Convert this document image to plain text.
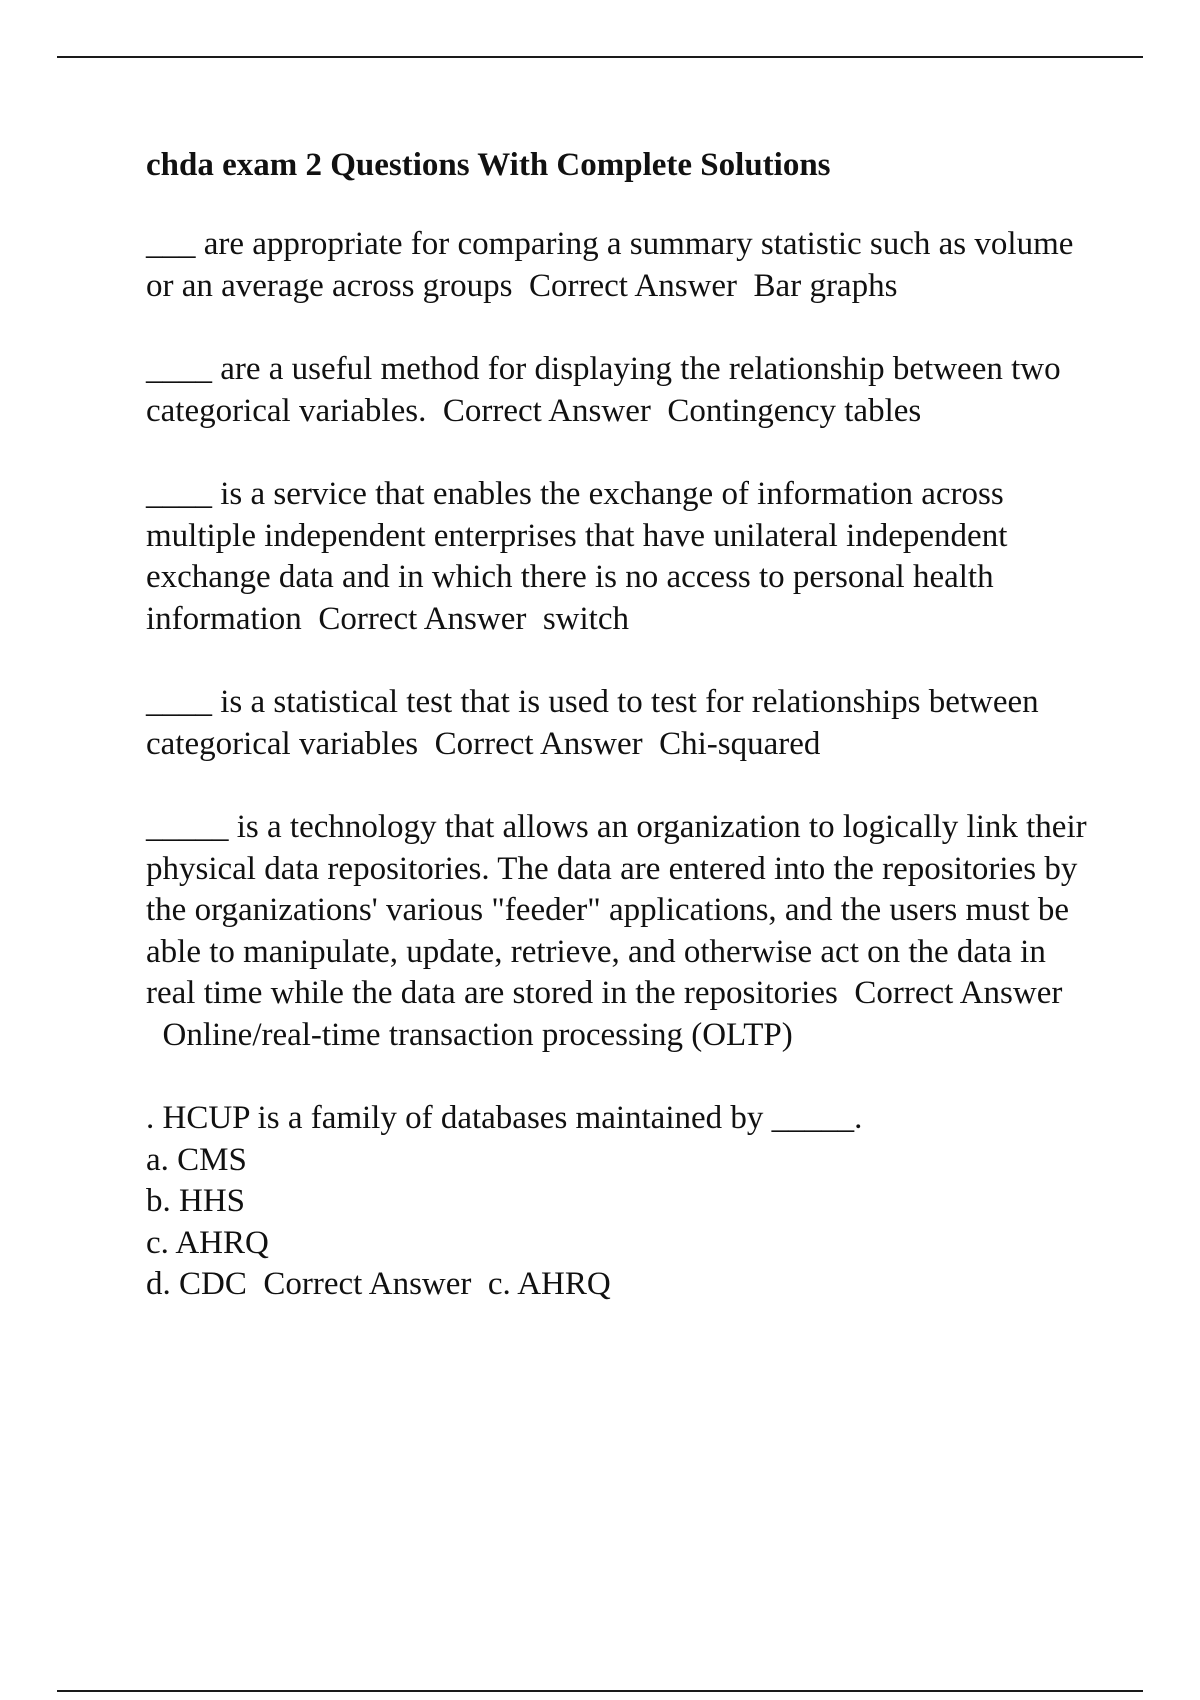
chda exam 2 Questions With Complete Solutions
___ are appropriate for comparing a summary statistic such as volume or an average across groups Correct Answer Bar graphs
____ are a useful method for displaying the relationship between two categorical variables. Correct Answer Contingency tables
____ is a service that enables the exchange of information across multiple independent enterprises that have unilateral independent exchange data and in which there is no access to personal health information Correct Answer switch
____ is a statistical test that is used to test for relationships between categorical variables Correct Answer Chi-squared
_____ is a technology that allows an organization to logically link their physical data repositories. The data are entered into the repositories by the organizations' various "feeder" applications, and the users must be able to manipulate, update, retrieve, and otherwise act on the data in real time while the data are stored in the repositories Correct Answer  Online/real-time transaction processing (OLTP)
. HCUP is a family of databases maintained by _____.
a. CMS
b. HHS
c. AHRQ
d. CDC Correct Answer c. AHRQ
